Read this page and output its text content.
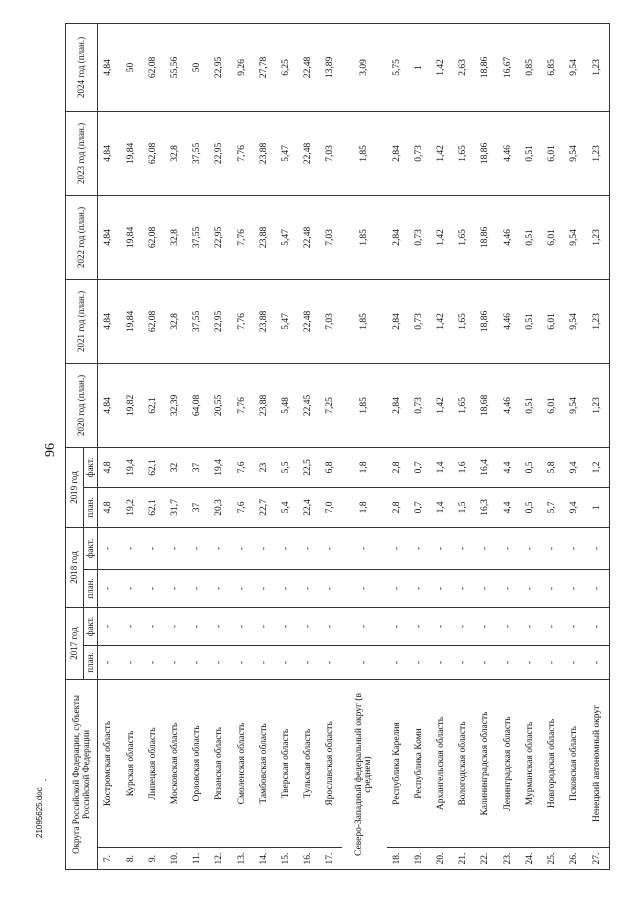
96
'
21095625.doc	Округа Российской Федерации, субъекты Российской Федерации		2017 год		2018 год		2019 год		2020 год (план.)	2021 год (план.)	2022 год (план.)	2023 год (план.)	2024 год (план.)
		план.	факт.	план.	факт.	план.	факт.					
7.	Костромская область	-	-	-	-	4,8	4,8	4,84	4,84	4,84	4,84	4,84
8.	Курская область	-	-	-	-	19,2	19,4	19,82	19,84	19,84	19,84	50
9.	Липецкая область	-	-	-	-	62,1	62,1	62,1	62,08	62,08	62,08	62,08
10.	Московская область	-	-	-	-	31,7	32	32,39	32,8	32,8	32,8	55,56
11.	Орловская область	-	-	-	-	37	37	64,08	37,55	37,55	37,55	50
12.	Рязанская область	-	-	-	-	20,3	19,4	20,55	22,95	22,95	22,95	22,95
13.	Смоленская область	-	-	-	-	7,6	7,6	7,76	7,76	7,76	7,76	9,26
14.	Тамбовская область	-	-	-	-	22,7	23	23,88	23,88	23,88	23,88	27,78
15.	Тверская область	-	-	-	-	5,4	5,5	5,48	5,47	5,47	5,47	6,25
16.	Тульская область	-	-	-	-	22,4	22,5	22,45	22,48	22,48	22,48	22,48
17.	Ярославская область	-	-	-	-	7,0	6,8	7,25	7,03	7,03	7,03	13,89
Северо-Западный федеральный округ (в среднем)		-	-	-	-	1,8	1,8	1,85	1,85	1,85	1,85	3,09
18.	Республика Карелия	-	-	-	-	2,8	2,8	2,84	2,84	2,84	2,84	5,75
19.	Республика Коми	-	-	-	-	0,7	0,7	0,73	0,73	0,73	0,73	1
20.	Архангельская область	-	-	-	-	1,4	1,4	1,42	1,42	1,42	1,42	1,42
21.	Вологодская область	-	-	-	-	1,5	1,6	1,65	1,65	1,65	1,65	2,63
22.	Калининградская область	-	-	-	-	16,3	16,4	18,68	18,86	18,86	18,86	18,86
23.	Ленинградская область	-	-	-	-	4,4	4,4	4,46	4,46	4,46	4,46	16,67
24.	Мурманская область	-	-	-	-	0,5	0,5	0,51	0,51	0,51	0,51	0,85
25.	Новгородская область	-	-	-	-	5,7	5,8	6,01	6,01	6,01	6,01	6,85
26.	Псковская область	-	-	-	-	9,4	9,4	9,54	9,54	9,54	9,54	9,54
27.	Ненецкий автономный округ	-	-	-	-	1	1,2	1,23	1,23	1,23	1,23	1,23
